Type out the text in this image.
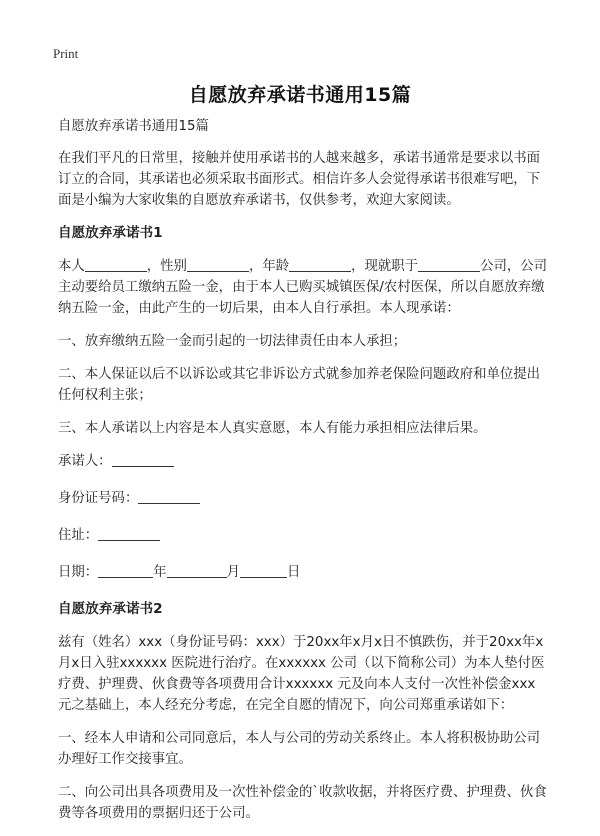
Print
自愿放弃承诺书通用15篇

自愿放弃承诺书通用15篇

在我们平凡的日常里，接触并使用承诺书的人越来越多，承诺书通常是要求以书面订立的合同，其承诺也必须采取书面形式。相信许多人会觉得承诺书很难写吧，下面是小编为大家收集的自愿放弃承诺书，仅供参考，欢迎大家阅读。

自愿放弃承诺书1

本人	，性别	，年龄	，现就职于	公司，公司主动要给员工缴纳五险一金，由于本人已购买城镇医保/农村医保，所以自愿放弃缴纳五险一金，由此产生的一切后果，由本人自行承担。本人现承诺：

一、放弃缴纳五险一金而引起的一切法律责任由本人承担；

二、本人保证以后不以诉讼或其它非诉讼方式就参加养老保险问题政府和单位提出任何权利主张；

三、本人承诺以上内容是本人真实意愿，本人有能力承担相应法律后果。

承诺人：

身份证号码：

住址：

日期：	年	月	日

自愿放弃承诺书2

兹有（姓名）xxx（身份证号码：xxx）于20xx年x月x日不慎跌伤，并于20xx年x月x日入驻xxxxxx 医院进行治疗。在xxxxxx 公司（以下简称公司）为本人垫付医疗费、护理费、伙食费等各项费用合计xxxxxx 元及向本人支付一次性补偿金xxx元之基础上，本人经充分考虑，在完全自愿的情况下，向公司郑重承诺如下：

一、经本人申请和公司同意后，本人与公司的劳动关系终止。本人将积极协助公司办理好工作交接事宜。

二、向公司出具各项费用及一次性补偿金的`收款收据，并将医疗费、护理费、伙食费等各项费用的票据归还于公司。
